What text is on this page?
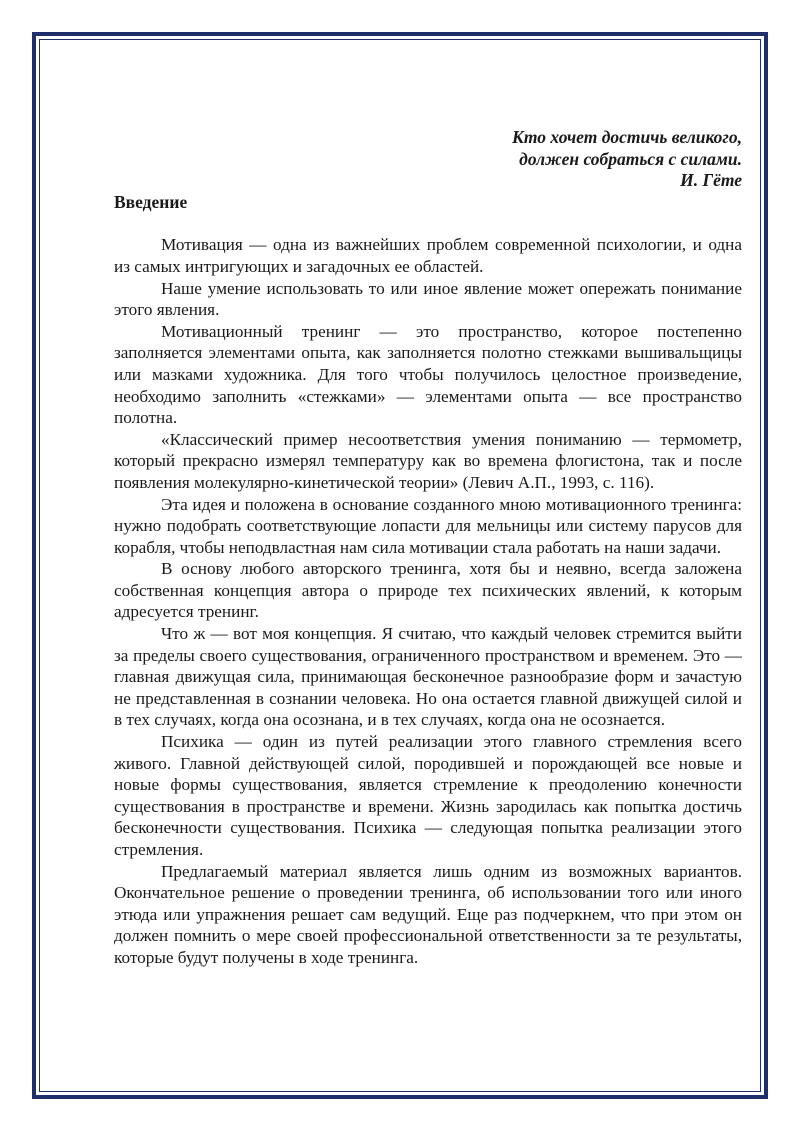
Кто хочет достичь великого,
должен собраться с силами.
И. Гёте
Введение

Мотивация — одна из важнейших проблем современной психологии, и одна из самых интригующих и загадочных ее областей.

Наше умение использовать то или иное явление может опережать понимание этого явления.

Мотивационный тренинг — это пространство, которое постепенно заполняется элементами опыта, как заполняется полотно стежками вышивальщицы или мазками художника. Для того чтобы получилось целостное произведение, необходимо заполнить «стежками» — элементами опыта — все пространство полотна.

«Классический пример несоответствия умения пониманию — термометр, который прекрасно измерял температуру как во времена флогистона, так и после появления молекулярно-кинетической теории» (Левич А.П., 1993, с. 116).

Эта идея и положена в основание созданного мною мотивационного тренинга: нужно подобрать соответствующие лопасти для мельницы или систему парусов для корабля, чтобы неподвластная нам сила мотивации стала работать на наши задачи.

В основу любого авторского тренинга, хотя бы и неявно, всегда заложена собственная концепция автора о природе тех психических явлений, к которым адресуется тренинг.

Что ж — вот моя концепция. Я считаю, что каждый человек стремится выйти за пределы своего существования, ограниченного пространством и временем. Это — главная движущая сила, принимающая бесконечное разнообразие форм и зачастую не представленная в сознании человека. Но она остается главной движущей силой и в тех случаях, когда она осознана, и в тех случаях, когда она не осознается.

Психика — один из путей реализации этого главного стремления всего живого. Главной действующей силой, породившей и порождающей все новые и новые формы существования, является стремление к преодолению конечности существования в пространстве и времени. Жизнь зародилась как попытка достичь бесконечности существования. Психика — следующая попытка реализации этого стремления.

Предлагаемый материал является лишь одним из возможных вариантов. Окончательное решение о проведении тренинга, об использовании того или иного этюда или упражнения решает сам ведущий. Еще раз подчеркнем, что при этом он должен помнить о мере своей профессиональной ответственности за те результаты, которые будут получены в ходе тренинга.
